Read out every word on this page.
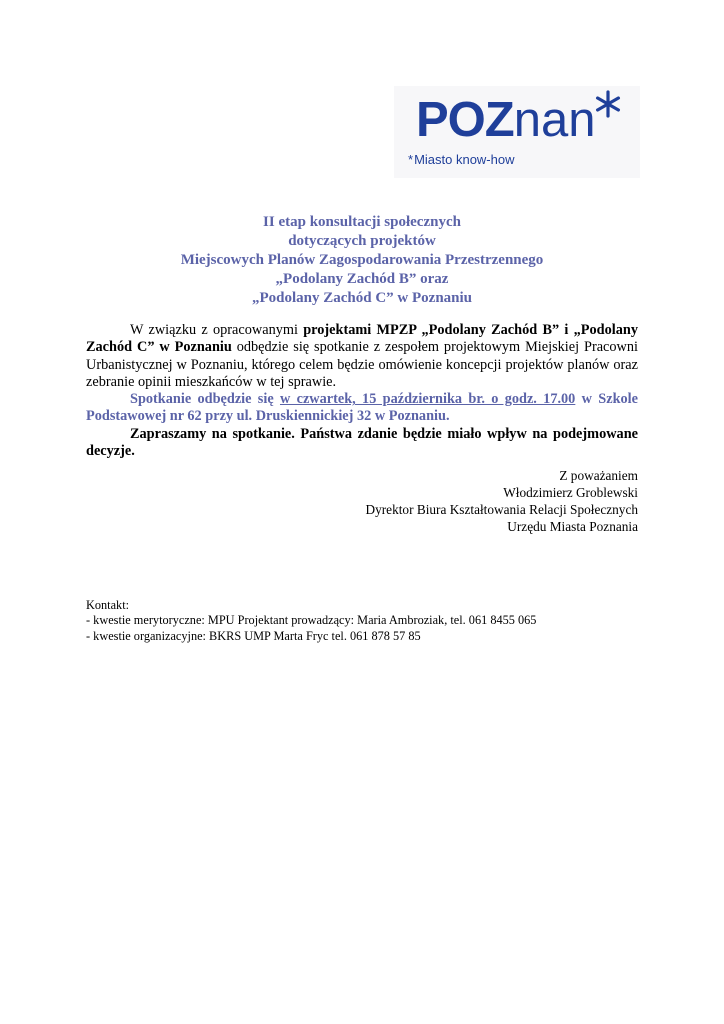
POZnan
*Miasto know-how
II etap konsultacji społecznych
dotyczących projektów
Miejscowych Planów Zagospodarowania Przestrzennego
„Podolany Zachód B” oraz
„Podolany Zachód C” w Poznaniu

W związku z opracowanymi projektami MPZP „Podolany Zachód B” i „Podolany Zachód C” w Poznaniu odbędzie się spotkanie z zespołem projektowym Miejskiej Pracowni Urbanistycznej w Poznaniu, którego celem będzie omówienie koncepcji projektów planów oraz zebranie opinii mieszkańców w tej sprawie.

Spotkanie odbędzie się w czwartek, 15 października br. o godz. 17.00 w Szkole Podstawowej nr 62 przy ul. Druskiennickiej 32 w Poznaniu.

Zapraszamy na spotkanie. Państwa zdanie będzie miało wpływ na podejmowane decyzje.

Z poważaniem
Włodzimierz Groblewski
Dyrektor Biura Kształtowania Relacji Społecznych
Urzędu Miasta Poznania
Kontakt:
- kwestie merytoryczne: MPU Projektant prowadzący: Maria Ambroziak, tel. 061 8455 065
- kwestie organizacyjne: BKRS UMP Marta Fryc tel. 061 878 57 85
